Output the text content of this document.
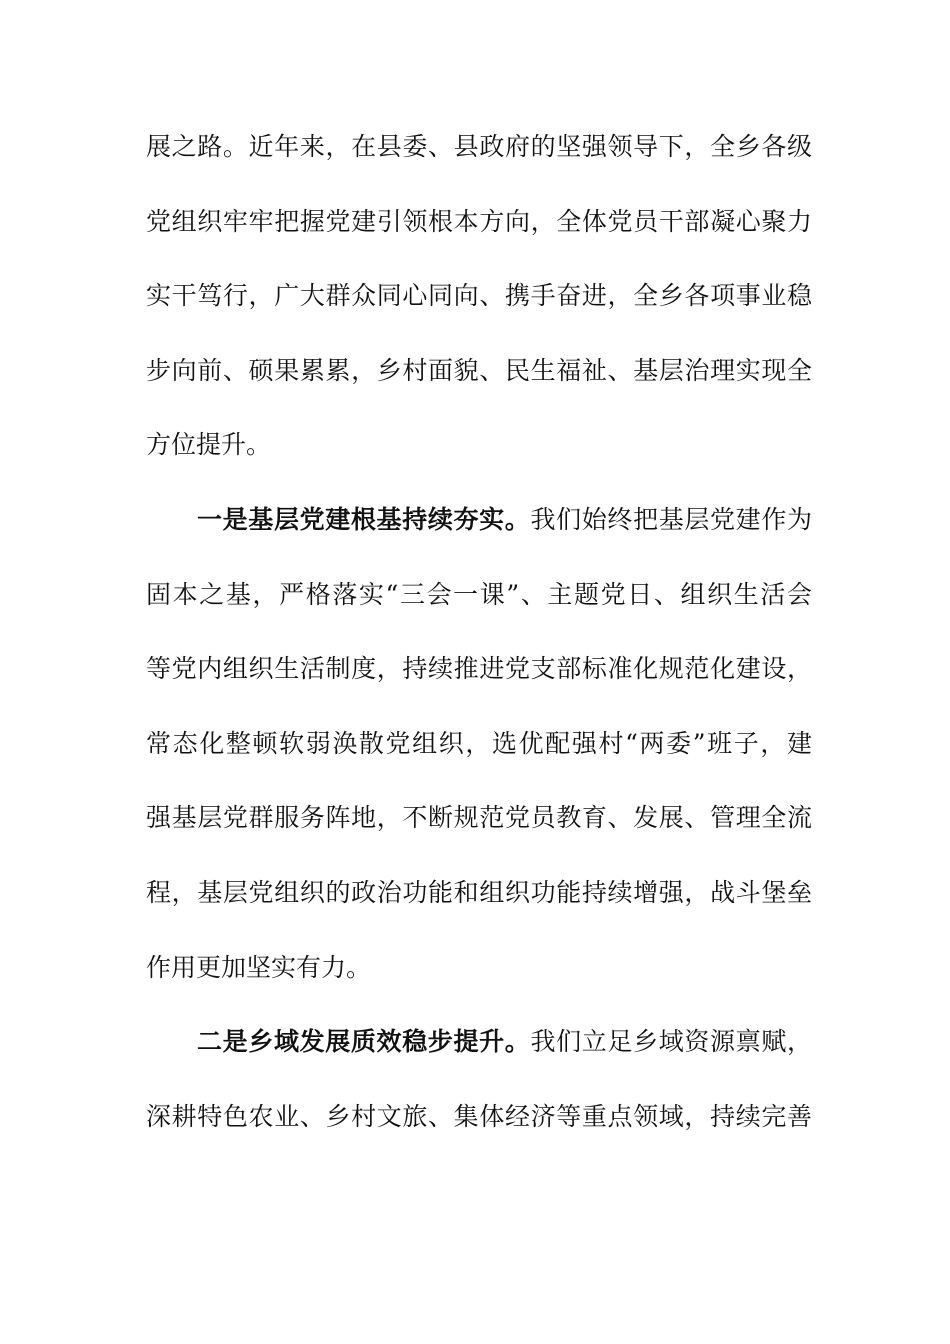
展之路。近年来，在县委、县政府的坚强领导下，全乡各级
党组织牢牢把握党建引领根本方向，全体党员干部凝心聚力
实干笃行，广大群众同心同向、携手奋进，全乡各项事业稳
步向前、硕果累累，乡村面貌、民生福祉、基层治理实现全
方位提升。
一是基层党建根基持续夯实。我们始终把基层党建作为
固本之基，严格落实“三会一课”、主题党日、组织生活会
等党内组织生活制度，持续推进党支部标准化规范化建设，
常态化整顿软弱涣散党组织，选优配强村“两委”班子，建
强基层党群服务阵地，不断规范党员教育、发展、管理全流
程，基层党组织的政治功能和组织功能持续增强，战斗堡垒
作用更加坚实有力。
二是乡域发展质效稳步提升。我们立足乡域资源禀赋，
深耕特色农业、乡村文旅、集体经济等重点领域，持续完善
